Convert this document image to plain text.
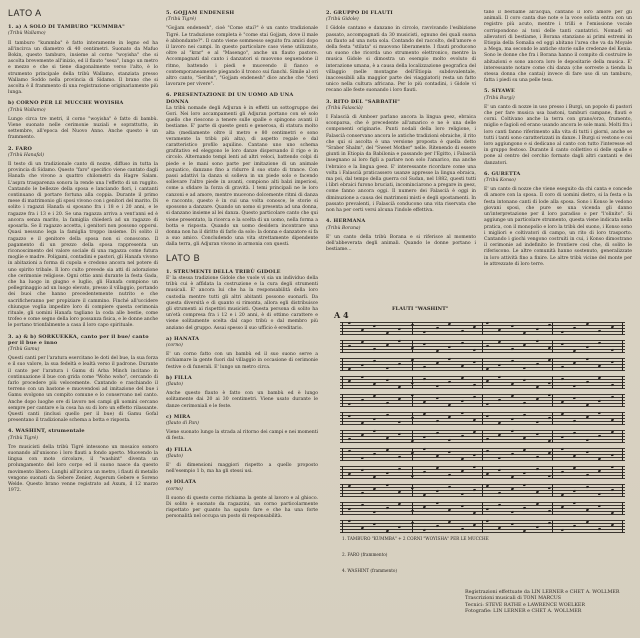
LATO A
1. a) A SOLO DI TAMBURO "KUMMBA"
(Tribù Wallamo)

Il tamburo "kummba" è fatto interamente in legno ed ha all'incirca un diametro di 40 centimetri. Suonato da Mafuo Bokin, questo tamburo, insieme al corno "woyisha" che si ascolta brevemente all'inizio, ed il flauto "sesa", lungo un metro e mezzo e che si tiene diagonalmente verso l'alto, è lo strumento principale della tribù Wallamo, stanziata presso Wallamo Soddo nella provincia di Sidamo. Il brano che si ascolta è il frammento di una registrazione originariamente più lunga.

b) CORNO PER LE MUCCHE WOYISHA
(Tribù Wallamo)

Lungo circa tre metri, il corno "woyisha" è fatto di bambù. Viene suonato nelle cerimonie nuziali e soprattutto, in settembre, all'epoca del Nuovo Anno. Anche questo è un frammento.

2. FARO
(Tribù Hanafal)

Il testo di un tradizionale canto di nozze, diffuso in tutta la provincia di Sidamo. Questo "faro" specifico viene cantato dagli Hanafa che vivono a quattro chilometri da Hagre Salam. L'aspra trasparenza sonora la rende una l'effetto di un ruggito. Cantando le bellezze della sposa e lanciando fiori, i cantanti continuano di portare fortuna alla coppia. Durante il primo mese di matrimonio gli sposi vivono con i genitori del marito. Di solito i ragazzi Hanafa si sposano fra i 18 e i 20 anni, e le ragazze fra i 13 e i 20. Se una ragazza arriva a vent'anni ed è ancora senza marito, la famiglia chiederà ad un ragazzo di sposarla. Se il ragazzo accetta, i genitori non possono opporsi. Quasi nessuno lega la famiglia troppo insieme. Di solito il ragazzo e il genitore della sposa non si conoscono. Il pagamento di un prezzo della sposa rappresenta un riconoscimento del valore sociale di una ragazza come futura moglie e madre. Poligami, contadini e pastori, gli Hanafa vivono in abitazioni a forma di cupola e credono ancora nel potere di uno spirito tribale. Il loro culto prevede sia atti di adorazione che cerimonie religiose. Ogni ottio anni durante la festa Gada, che ha luogo in giugno e luglio, gli Hanafa compiono un pellegrinaggio ad un luogo elevato, presso il villaggio, portando dei buoi che hanno precedentemente nutrito e che sacrificheranno per propiziare il cammino. Finché all'uccidere chiunque voglia impedire loro di compiere questa cerimonia rituale, gli uomini Hanafa tagliano la coda alle bestie, come trofeo e come segno della loro possanza fisica, e le donne anche le portano trionfalmente a casa il loro capo spirituale.

3. a) & b) SORKUEKKA, canto per il bue/ canto per il bue e inno
(Tribù Gamu)

Questi canti per l'aratura esercitano le doti del bue, la sua forza e il suo valore, la sua fedeltà e lealtà verso il padrone. Durante il canto per l'aratura i Gamu di Arba Minch incitano in continuazione il bue con grida come "Woho woho", cercando di farlo procedere più velocemente. Cantando e raschiando il terreno con un bastone e muovendosi ad imitazione del bue i Gamu svolgono un compito comune e lo conservano nel canto. Anche dopo luoghe ore di lavoro nei campi gli uomini cercano sempre per cantare e la cosa ha su di loro un effetto rilassante. Questi canti (inclusi quello per il bue) di Gamu Gofal presentano il tradizionale schema a botta e risposta.

4. WASHINT, strumentale
(Tribù Tigré)

Tre musicisti della tribù Tigré intessono un mosaico sonoro suonando all'unisono i loro flauti a fondo aperto. Muovendo la lingua con moto circolare, il "washint" diventa un prolungamento del loro corpo ed il suono nasce da questo movimento libero. Lunghi all'incirca un metro, i flauti di metallo vengono suonati da Sebere Zenier, Asgerum Gebere e Soreno Welde. Questo brano venne registrato ad Axum, il 12 marzo 1972.

5. GOJJAM ENDENESH
(Tribù Tigré)

"Gojjam endenesh", cioè "Come stai?" è un canto tradizionale Tigré. Le traduzione completa è "come stai Gojjam, dove il male è abbondante?". Il canto viene sommesso seguito fra amici dopo il lavoro nei campi. In questo particolare caso viene utilizzato, oltre al "krar" e al "Masengo", anche un flauto pastore. Accompagnati dal canto i danzatori si muovono seguendone il ritmo, battendo i piedi e muovendo il fianco e contemporaneamente piegando il tronco sui fianchi. Simile al ori altro canto, "Serihu", "Gojjam endenesh" dice anche che "devi lavorare per vivere".

6. PRESENTAZIONE DI UN UOMO AD UNA DONNA

La tribù nomade degli Adjuran è in effetti un sottogruppo dei Gori. Nei loro accampamenti gli Adjuran portano con sé solo quello che riescono a tenere sulle spalle e spingono avanti il bestiame. E' parte di queste genti e generosa, di statura molto alta (mediamente oltre il metro e 80 centimetri e sono veramente la tribù più alta), di aspetto regale e dal caratteristico profilo aquilino. Cantano uno uno schema grafitativo ed eleggono le loro danze dispersando il rigo e in circolo. Alternando tempi lenti ad altri veloci, battendo colpi di piede e le mani sono parte per imitazione di un animale acquatico, danzano fino a ridurre il suo stato di trance. Con passi adattivi la danza si solleva in un piede solo e facendo sollevare l'altro piede in avanti, compiono alti balzi imperiosi, come a sfidare la forza di gravità. I temi principali ne le loro canzoni e ad amore, mentre muovono dolcemente ritmi di danza e racconto, questo è in cui una volta conosce, le storie si spossono a danzare. Quando un uomo si presenta ad una donna, si danzano insieme al lei danza. Questo particolare canto che qui viene presentato, la ricerca e la scelta di un uomo, nella forma a botta e risposta. Quando un uomo desidera incontrare una donna non ha il diritto di farlo da solo: la donna e danzatore si fa a suo amico. Concludendo una vita strettamente dipendente dalla terra, gli Adjuran vivono in armonia con questi.

LATO B
1. STRUMENTI DELLA TRIBÙ GIDOLE

E' la stessa tradizione Gidole che vuole vi sia un individuo della tribù cui è affidata la costruzione e la cura degli strumenti musicali. E' ancora lui che ha la responsabilità della loro custodia mentre tutti gli altri abitanti possono suonarli. Da questa diversità e di quanto si rimonta, allora egli distribuisce gli strumenti ai rispettivi musicisti. Questa persona di solito ha un'età compresa fra i 12 e i 20 anni, è di ottimo carattere e viene solitamente scelta dal capo tribù o dal membro più anziano del gruppo. Assai spesso il suo ufficio è ereditario.

a) HANATA
(corno)

E' un corno fatto con un bambù ed il suo suono serve a richiamare la gente fuori dal villaggio in occasione di cerimonie festive o di funerali. E' lungo un metro circa.

b) FILLA
(flauto)

Anche questo flauto è fatto con un bambù ed è lungo solitamente dai 20 ai 30 centimetri. Viene usato durante le danze cerimoniali e le feste.

c) MIRA
(flauto di Pan)

Viene suonato lungo la strada al ritorno dei campi e nei momenti di festa.

d) FILLA
(flauto)

E' di dimensioni maggiori rispetto a quello proposto nell'esempio 1 b, ma ha gli stessi usi.

e) IOLATA
(corno)

Il suono di questo corno richiama la gente al lavoro e al ghioco. Di solito è suonato da ragazzini, un corno particolarmente rispettato per quanto ha saputo fare e che ha una forte personalità nel occupa un posto di responsabilità.

2. GRUPPO DI FLAUTI
(Tribù Gidole)

I Gidole cantano e danzano in circolo, ravvivando l'esibizione passato, accompagnati da 30 musicisti, ognuno dei quali suona un flauto ad una nota sola. Contando del raccolto, dell'amore e della festa "stilata" si muovono liberamente. I flauti producono un suono che ricorda uno strumento elettronico, mentre la musica Gidole si dimostra un esempio molto evoluto di interazione umana, è a causa della localizzazione geografica del villaggio (nelle montagne dell'Etiopia subdovalentale, inaccessibili alla maggior parte dei viaggiatori) resta un fatto unico nella cultura africana. Per lo più contadini, i Gidole vi recano alle feste suonando i loro flauti.

3. RITO DEL "SABBATH"
(Tribù Falascià)

I Falascià di Amboer parlano ancora la lingua geez, ebraica sconparsa, che è precedente all'amarico e ne è una delle componenti originarie. Punti nodali della loro religione, i Falascià conservano ancora le antiche tradizioni ebraiche, il rito che qui si ascolta è una versione proposta è quella detto "Sraber Shalm", del "Sweet Mother" nelle. Ritenendo di essere giunti in Etiopia da Babilonia e passando per l'Egitto, i Falascià insegnano ai loro figli a parlare non solo l'amarico, ma anche l'ebraico e la lingua geez. E' interessante ricordare come una volta i Falascià praticassero usanze appresse la lingua ebraica, ma poi, dal tempo della guerra col Sudan, nel 1882, questi tutti i libri ebraici furono bruciati, incominciarono a pregare in geez, come fanno ancora oggi. Il numero dei Falascià è oggi in diminuzione a causa dei matrimoni misti e degli spostamenti. In passato prevalenti, i Falascià conducono una vita riservata che non ha per certi versi alcuna l'indole effettiva.

4. HERMANA
(Tribù Borana)

E' un canto della tribù Borana e si riferisce al momento dell'abbeverata degli animali. Quando le donne portano i bestiame...

tano il bestiame all'acqua, cantano il loro amore per gli animali. Il coro canta due note e la voce solista entra con un registro più acuto, mentre i trilli e l'emissione vocale corrispondono ai toni delle tanti cantatrici. Nomadi ed allevatori di bestiame, i Borana stanziano ai primi estremi in Etiopia della Somalia ed oggi abitano l'area che va da Moyale a Mega, ma secondo le antiche storie sulle credenze del Kenia. Sono le donne che fra i Borana hanno il compito di costruire le abitazioni e sono ancora loro le depositarie della musica. E' interessante notare come chi danza (che sorreste a tienda la stessa donna che cantai) invece di fare uso di un tamburo, fatta i piedi su una pelle tesa.

5. SIYAWE
(Tribù Burgi)

E' un canto di nozze in uso presso i Burgi, un popolo di pastori che per fare musica usa bastoni, tamburi campane, flauti e corni. Coltivano anche la terra con grano/orzo, frumento, miglio e fagioli ed erano usando ancora le sole mani. Molti fra i loro canti fanno riferimento alla vita di tutti i giorni, anche se tutti i tanti sono caratterizzati in danze. I Burgi si vestono e coi loro aggiungono e si dedicano al canto con tutto l'interesse ed in gruppo festoso. Durante il canto collettivo si delle spalle e pone al centro del cerchio formato dagli altri cantanti e dei danzatori.

6. GURETTA
(Tribù Konso)

E' un canto di nozze che viene eseguito da chi canta e concede di amore con la sposa. Il coro di uomini dietro, si la festa e la festa intonano canti di lode alla sposa. Sono i Konso le vedono giovani sposi, che pure se una vicenda gli danno un'interpretazione per il loro paradiso o per "l'olinito". Si aggiunge un particolare strumento, questa viene indicata nella pratica, con il monopolio e loro la tribù del suono, i Konso sono i migliori e coltivatori di campo, un rito di loro trasporto. Cantando i giochi vengono costruiti in cui, i Konso dimostrano il cerimonie ad indefinito le frontiere così che, di solito le riferiscono. Le altre comunità hanno sostenuto, generalizzate in loro attività fino a finire. Le altre tribù vicine del monte per le attrezzate di loro terre.

A 4
FLAUTI "WASHINT"
1. TAMBURO "KUMMBA" + 2 CORNI "WOYISHA" PER LE MUCCHE
2. FARO (frammento)
4. WASHINT (frammento)
Registrazioni effettuate da LIN LERNER e CHET A. WOLLMER
Trascrizioni musicali di TONI MARCUS
Tecnici: STEVE RATHE e LAWRENCE WOELKER
Fotografie: LIN LERNER e CHET A. WOLLMER
